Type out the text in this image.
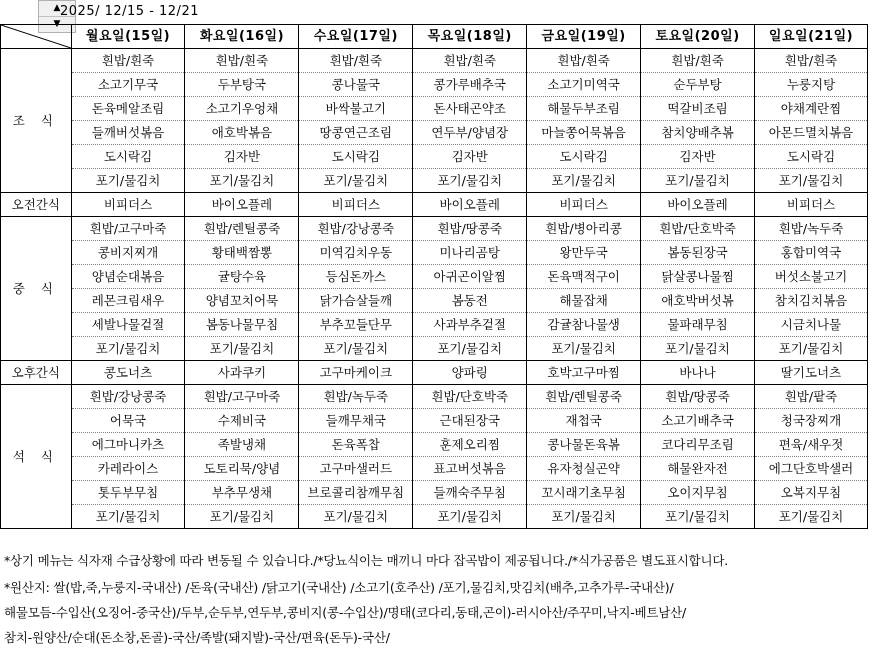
▲
▼
2025/ 12/15 - 12/21
	월요일(15일)	화요일(16일)	수요일(17일)	목요일(18일)	금요일(19일)	토요일(20일)	일요일(21일)
조 식	흰밥/흰죽	흰밥/흰죽	흰밥/흰죽	흰밥/흰죽	흰밥/흰죽	흰밥/흰죽	흰밥/흰죽
	소고기무국	두부탕국	콩나물국	콩가루배추국	소고기미역국	순두부탕	누룽지탕
	돈육메알조림	소고기우엉채	바싹불고기	돈사태곤약조	해물두부조림	떡갈비조림	야채계란찜
	들깨버섯볶음	애호박볶음	땅콩연근조림	연두부/양념장	마늘쫑어묵볶음	참치양배추볶	아몬드멸치볶음
	도시락김	김자반	도시락김	김자반	도시락김	김자반	도시락김
	포기/물김치	포기/물김치	포기/물김치	포기/물김치	포기/물김치	포기/물김치	포기/물김치
오전간식	비피더스	바이오플레	비피더스	바이오플레	비피더스	바이오플레	비피더스
중 식	흰밥/고구마죽	흰밥/렌틸콩죽	흰밥/강낭콩죽	흰밥/땅콩죽	흰밥/병아리콩	흰밥/단호박죽	흰밥/녹두죽
	콩비지찌개	황태백짬뽕	미역김치우동	미나리곰탕	왕만두국	봄동된장국	홍합미역국
	양념순대볶음	귤탕수육	등심돈까스	아귀곤이알찜	돈육맥적구이	닭살콩나물찜	버섯소불고기
	레몬크림새우	양념꼬치어묵	닭가슴살들깨	봄동전	해물잡채	애호박버섯볶	참치김치볶음
	세발나물겉절	봄동나물무침	부추꼬들단무	사과부추겉절	감귤참나물생	물파래무침	시금치나물
	포기/물김치	포기/물김치	포기/물김치	포기/물김치	포기/물김치	포기/물김치	포기/물김치
오후간식	콩도너츠	사과쿠키	고구마케이크	양파링	호박고구마찜	바나나	딸기도너츠
석 식	흰밥/강낭콩죽	흰밥/고구마죽	흰밥/녹두죽	흰밥/단호박죽	흰밥/렌틸콩죽	흰밥/땅콩죽	흰밥/팥죽
	어묵국	수제비국	들깨무채국	근대된장국	재첩국	소고기배추국	청국장찌개
	에그마니카츠	족발냉채	돈육폭찹	훈제오리찜	콩나물돈육볶	코다리무조림	편육/새우젓
	카레라이스	도토리묵/양념	고구마샐러드	표고버섯볶음	유자청실곤약	해물완자전	에그단호박샐러
	톳두부무침	부추무생채	브로콜리참깨무침	들깨숙주무침	꼬시래기초무침	오이지무침	오복지무침
	포기/물김치	포기/물김치	포기/물김치	포기/물김치	포기/물김치	포기/물김치	포기/물김치
*상기 메뉴는 식자재 수급상황에 따라 변동될 수 있습니다./*당뇨식이는 매끼니 마다 잡곡밥이 제공됩니다./*식가공품은 별도표시합니다.
*원산지: 쌀(밥,죽,누룽지-국내산) /돈육(국내산) /닭고기(국내산) /소고기(호주산) /포기,물김치,맛김치(배추,고추가루-국내산)/
해물모듬-수입산(오징어-중국산)/두부,순두부,연두부,콩비지(콩-수입산)/명태(코다리,동태,곤이)-러시아산/주꾸미,낙지-베트남산/
참치-원양산/순대(돈소창,돈골)-국산/족발(돼지발)-국산/편육(돈두)-국산/
